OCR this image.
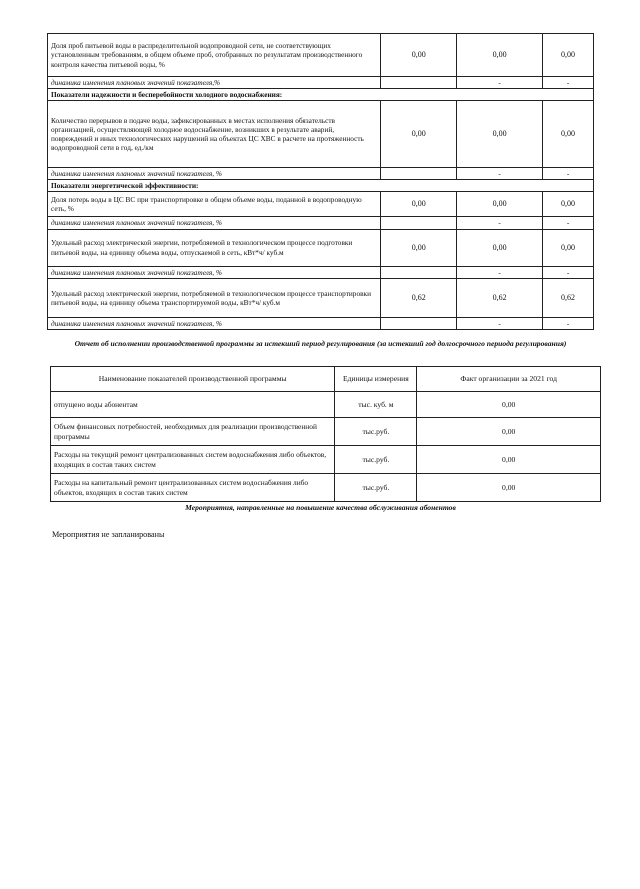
Доля проб питьевой воды в распределительной водопроводной сети, не соответствующих установленным требованиям, в общем объеме проб, отобранных по результатам производственного контроля качества питьевой воды, %	0,00	0,00	0,00
динамика изменения плановых значений показателя,%		-	-
Показатели надежности и бесперебойности холодного водоснабжения:			
Количество перерывов в подаче воды, зафиксированных в местах исполнения обязательств организацией, осуществляющей холодное водоснабжение, возникших в результате аварий, повреждений и иных технологических нарушений на объектах ЦС ХВС в расчете на протяженность водопроводной сети в год, ед./км	0,00	0,00	0,00
динамика изменения плановых значений показателя, %		-	-
Показатели энергетической эффективности:			
Доля потерь воды в ЦС ВС при транспортировке в общем объеме воды, поданной в водопроводную сеть, %	0,00	0,00	0,00
динамика изменения плановых значений показателя, %		-	-
Удельный расход электрической энергии, потребляемой в технологическом процессе подготовки питьевой воды, на единицу объема воды, отпускаемой в сеть, кВт*ч/ куб.м	0,00	0,00	0,00
динамика изменения плановых значений показателя, %		-	-
Удельный расход электрической энергии, потребляемой в технологическом процессе транспортировки питьевой воды, на единицу объема транспортируемой воды, кВт*ч/ куб.м	0,62	0,62	0,62
динамика изменения плановых значений показателя, %		-	-
Отчет об исполнении производственной программы за истекший период регулирования (за истекший год долгосрочного периода регулирования)
Наименование показателей производственной программы	Единицы измерения	Факт организации за 2021 год
отпущено воды абонентам	тыс. куб. м	0,00
Объем финансовых потребностей, необходимых для реализации производственной программы	тыс.руб.	0,00
Расходы на текущий ремонт централизованных систем водоснабжения либо объектов, входящих в состав таких систем	тыс.руб.	0,00
Расходы на капитальный ремонт централизованных систем водоснабжения либо объектов, входящих в состав таких систем	тыс.руб.	0,00
Мероприятия, направленные на повышение качества обслуживания абонентов
Мероприятия не запланированы
